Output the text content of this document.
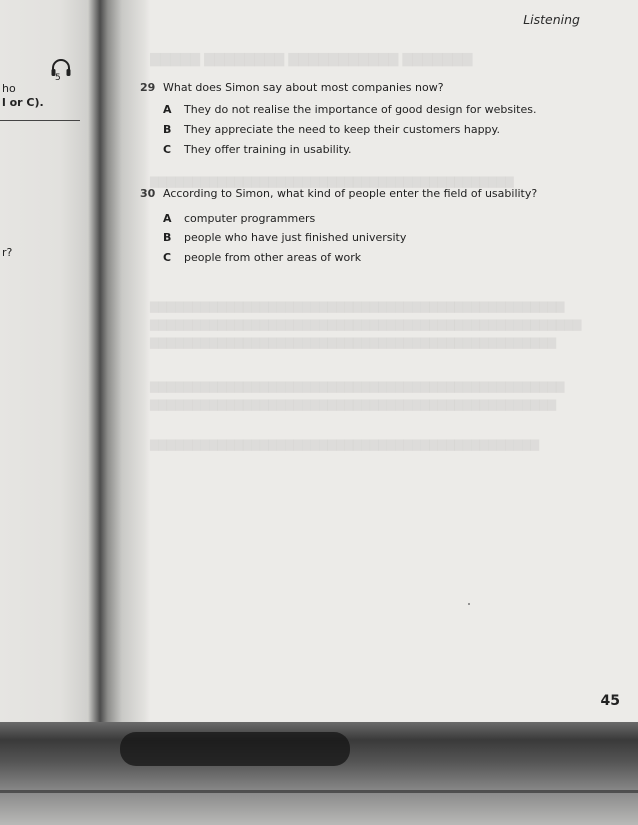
▇▇▇▇▇ ▇▇▇▇▇▇▇▇ ▇▇▇▇▇▇▇▇▇▇▇ ▇▇▇▇▇▇▇
▇▇▇▇▇▇▇▇▇▇▇▇▇▇▇▇▇▇▇▇▇▇▇▇▇▇▇▇▇▇▇▇▇▇▇▇▇▇▇▇▇▇▇
▇▇▇▇▇▇▇▇▇▇▇▇▇▇▇▇▇▇▇▇▇▇▇▇▇▇▇▇▇▇▇▇▇▇▇▇▇▇▇▇▇▇▇▇▇▇▇▇▇
▇▇▇▇▇▇▇▇▇▇▇▇▇▇▇▇▇▇▇▇▇▇▇▇▇▇▇▇▇▇▇▇▇▇▇▇▇▇▇▇▇▇▇▇▇▇▇▇▇▇▇
▇▇▇▇▇▇▇▇▇▇▇▇▇▇▇▇▇▇▇▇▇▇▇▇▇▇▇▇▇▇▇▇▇▇▇▇▇▇▇▇▇▇▇▇▇▇▇▇
▇▇▇▇▇▇▇▇▇▇▇▇▇▇▇▇▇▇▇▇▇▇▇▇▇▇▇▇▇▇▇▇▇▇▇▇▇▇▇▇▇▇▇▇▇▇▇▇▇
▇▇▇▇▇▇▇▇▇▇▇▇▇▇▇▇▇▇▇▇▇▇▇▇▇▇▇▇▇▇▇▇▇▇▇▇▇▇▇▇▇▇▇▇▇▇▇▇
▇▇▇▇▇▇▇▇▇▇▇▇▇▇▇▇▇▇▇▇▇▇▇▇▇▇▇▇▇▇▇▇▇▇▇▇▇▇▇▇▇▇▇▇▇▇
ho
l or C).
r?
5
Listening
29 What does Simon say about most companies now?
A They do not realise the importance of good design for websites.
B They appreciate the need to keep their customers happy.
C They offer training in usability.
30 According to Simon, what kind of people enter the field of usability?
A computer programmers
B people who have just finished university
C people from other areas of work
45
